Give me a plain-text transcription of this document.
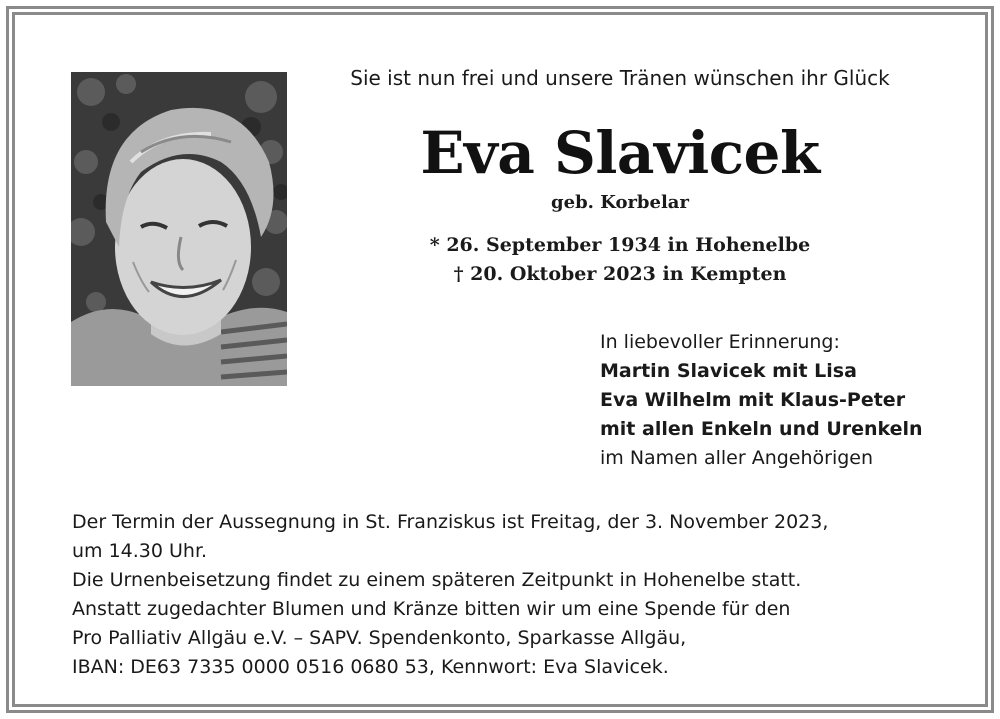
Sie ist nun frei und unsere Tränen wünschen ihr Glück
Eva Slavicek
geb. Korbelar
* 26. September 1934 in Hohenelbe
† 20. Oktober 2023 in Kempten
In liebevoller Erinnerung:
Martin Slavicek mit Lisa
Eva Wilhelm mit Klaus-Peter
mit allen Enkeln und Urenkeln
im Namen aller Angehörigen
Der Termin der Aussegnung in St. Franziskus ist Freitag, der 3. November 2023,
um 14.30 Uhr.
Die Urnenbeisetzung findet zu einem späteren Zeitpunkt in Hohenelbe statt.
Anstatt zugedachter Blumen und Kränze bitten wir um eine Spende für den
Pro Palliativ Allgäu e.V. – SAPV. Spendenkonto, Sparkasse Allgäu,
IBAN: DE63 7335 0000 0516 0680 53, Kennwort: Eva Slavicek.
